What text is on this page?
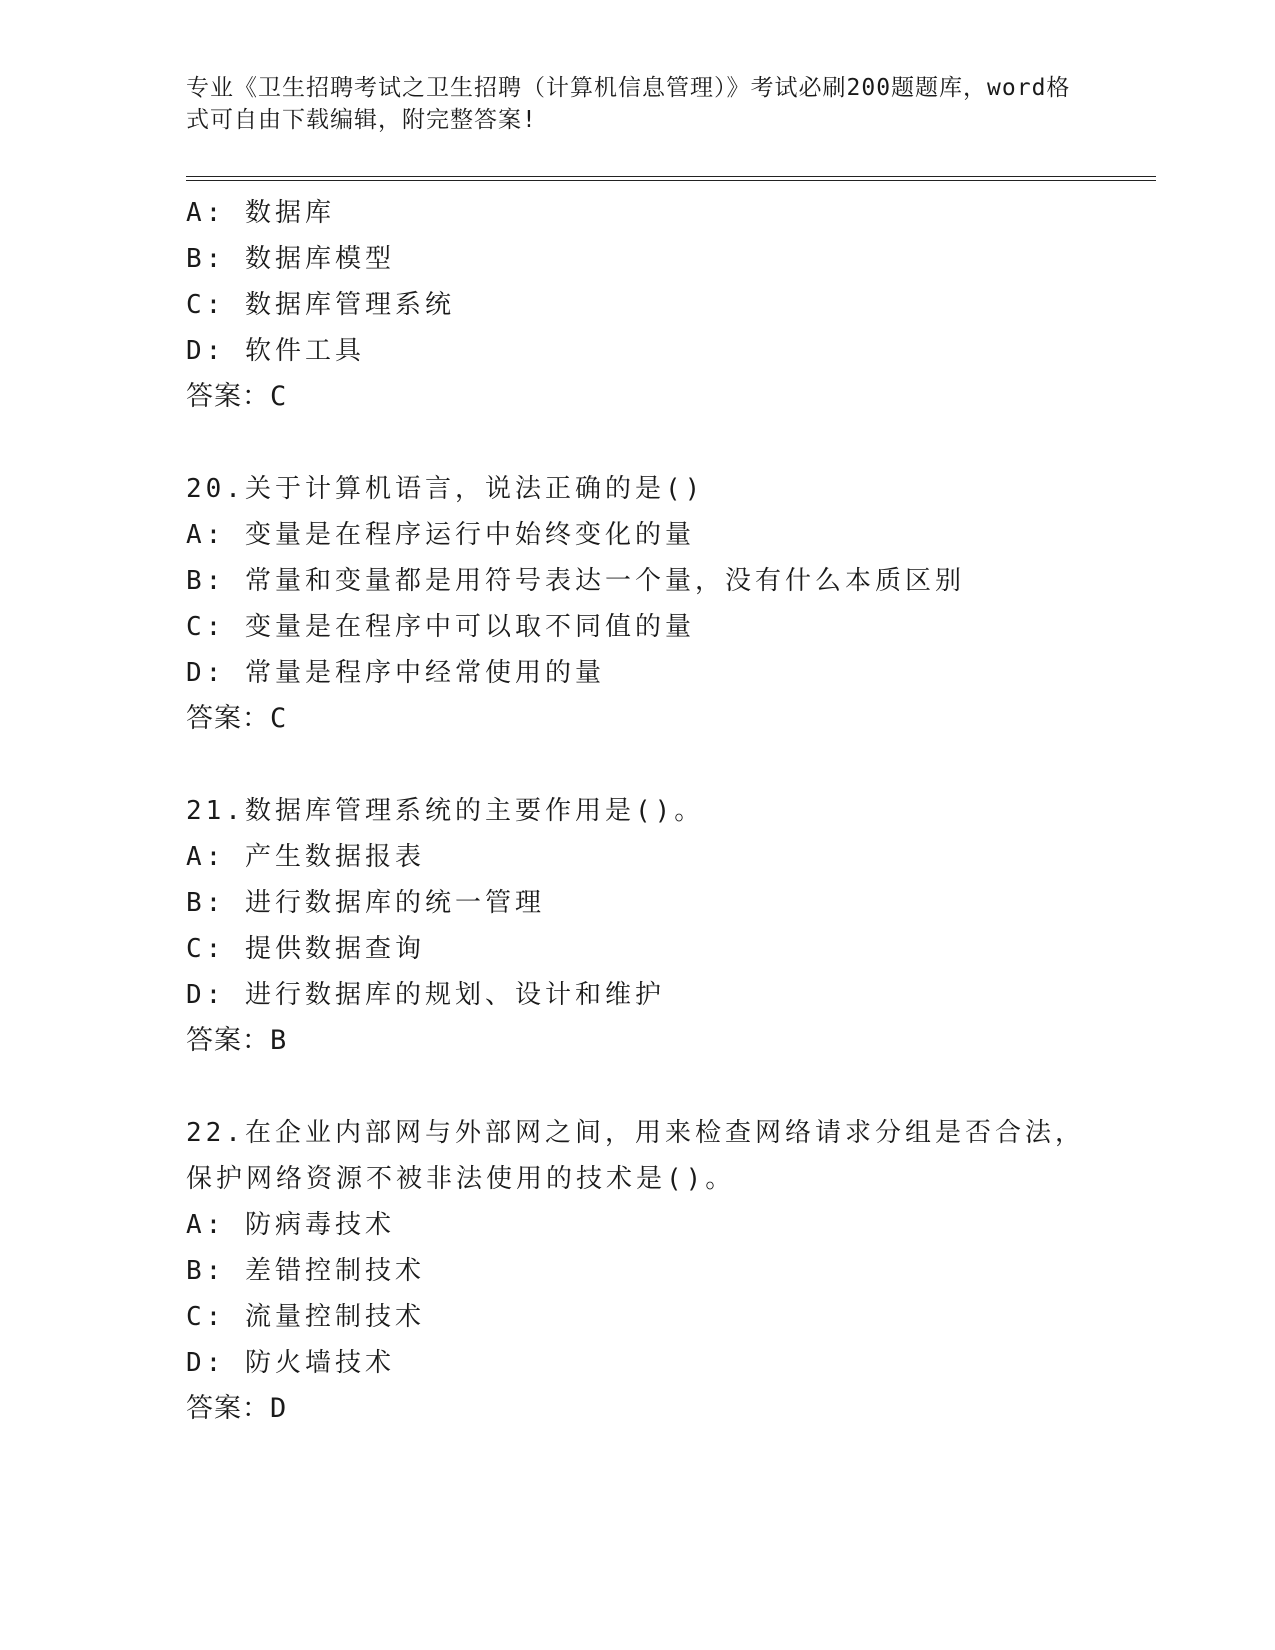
专业《卫生招聘考试之卫生招聘（计算机信息管理）》考试必刷200题题库，word格式可自由下载编辑，附完整答案!
A: 数据库
B: 数据库模型
C: 数据库管理系统
D: 软件工具
答案：C
20.关于计算机语言，说法正确的是()
A: 变量是在程序运行中始终变化的量
B: 常量和变量都是用符号表达一个量，没有什么本质区别
C: 变量是在程序中可以取不同值的量
D: 常量是程序中经常使用的量
答案：C
21.数据库管理系统的主要作用是()。
A: 产生数据报表
B: 进行数据库的统一管理
C: 提供数据查询
D: 进行数据库的规划、设计和维护
答案：B
22.在企业内部网与外部网之间，用来检查网络请求分组是否合法，保护网络资源不被非法使用的技术是()。
A: 防病毒技术
B: 差错控制技术
C: 流量控制技术
D: 防火墙技术
答案：D
